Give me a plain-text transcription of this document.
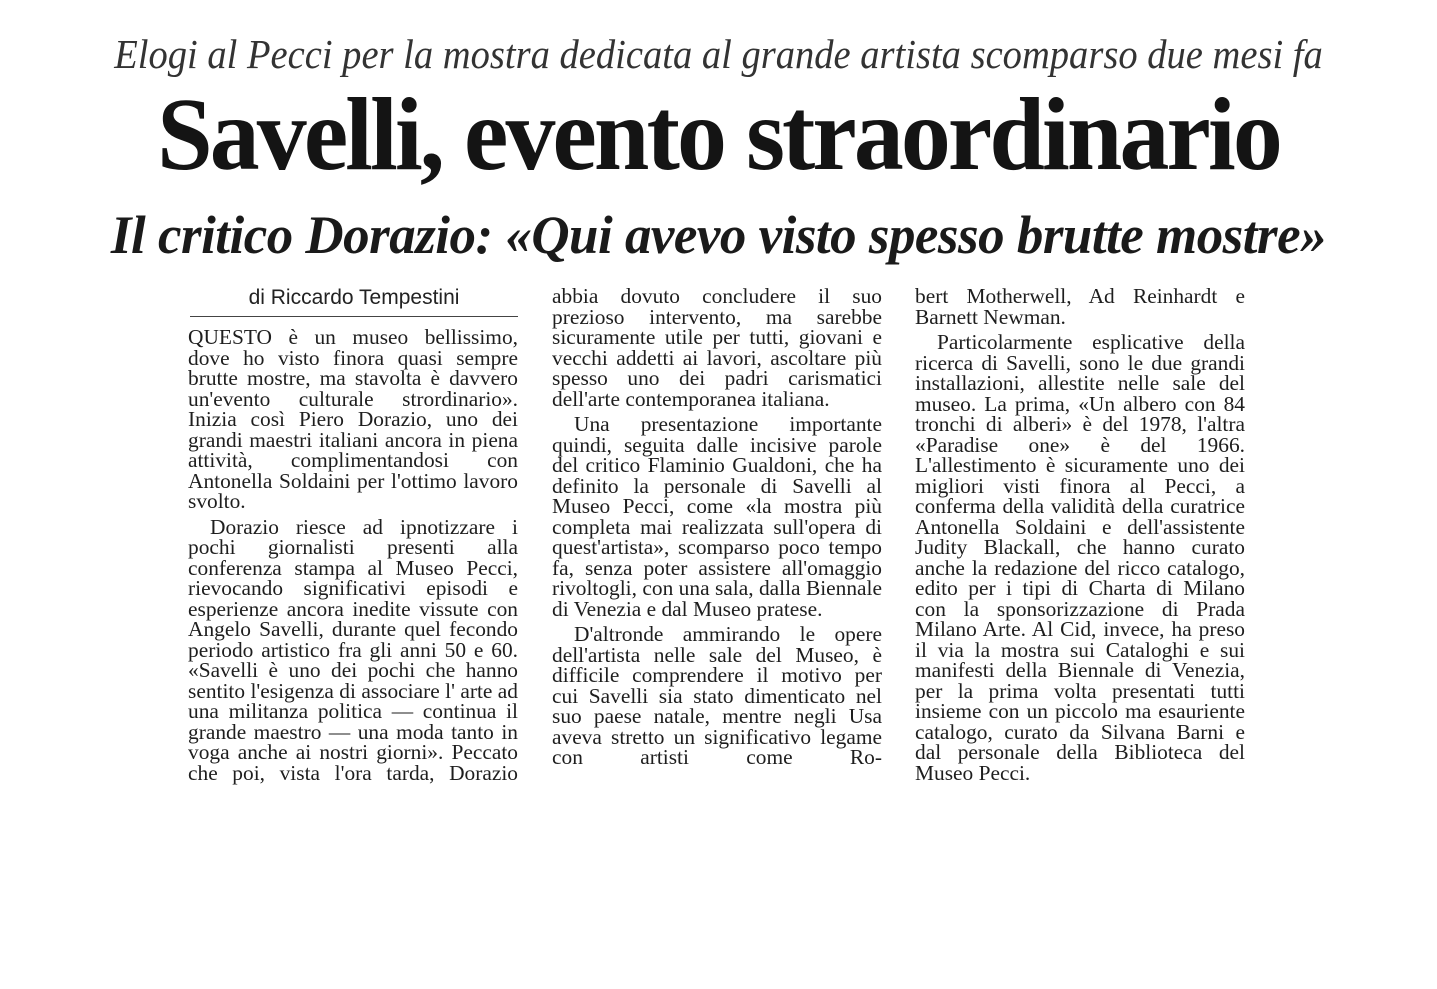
Elogi al Pecci per la mostra dedicata al grande artista scomparso due mesi fa
Savelli, evento straordinario
Il critico Dorazio: «Qui avevo visto spesso brutte mostre»
di Riccardo Tempestini

QUESTO è un museo bellissimo, dove ho visto finora quasi sempre brutte mostre, ma stavolta è davvero un'evento culturale strordinario». Inizia così Piero Dorazio, uno dei grandi maestri italiani ancora in piena attività, complimentandosi con Antonella Soldaini per l'ottimo lavoro svolto.

Dorazio riesce ad ipnotizzare i pochi giornalisti presenti alla conferenza stampa al Museo Pecci, rievocando significativi episodi e esperienze ancora inedite vissute con Angelo Savelli, durante quel fecondo periodo artistico fra gli anni 50 e 60. «Savelli è uno dei pochi che hanno sentito l'esigenza di associare l' arte ad una militanza politica — continua il grande maestro — una moda tanto in voga anche ai nostri giorni». Peccato che poi, vista l'ora tarda, Dorazio

abbia dovuto concludere il suo prezioso intervento, ma sarebbe sicuramente utile per tutti, giovani e vecchi addetti ai lavori, ascoltare più spesso uno dei padri carismatici dell'arte contemporanea italiana.

Una presentazione importante quindi, seguita dalle incisive parole del critico Flaminio Gualdoni, che ha definito la personale di Savelli al Museo Pecci, come «la mostra più completa mai realizzata sull'opera di quest'artista», scomparso poco tempo fa, senza poter assistere all'omaggio rivoltogli, con una sala, dalla Biennale di Venezia e dal Museo pratese.

D'altronde ammirando le opere dell'artista nelle sale del Museo, è difficile comprendere il motivo per cui Savelli sia stato dimenticato nel suo paese natale, mentre negli Usa aveva stretto un significativo legame con artisti come Ro-

bert Motherwell, Ad Reinhardt e Barnett Newman.

Particolarmente esplicative della ricerca di Savelli, sono le due grandi installazioni, allestite nelle sale del museo. La prima, «Un albero con 84 tronchi di alberi» è del 1978, l'altra «Paradise one» è del 1966. L'allestimento è sicuramente uno dei migliori visti finora al Pecci, a conferma della validità della curatrice Antonella Soldaini e dell'assistente Judity Blackall, che hanno curato anche la redazione del ricco catalogo, edito per i tipi di Charta di Milano con la sponsorizzazione di Prada Milano Arte. Al Cid, invece, ha preso il via la mostra sui Cataloghi e sui manifesti della Biennale di Venezia, per la prima volta presentati tutti insieme con un piccolo ma esauriente catalogo, curato da Silvana Barni e dal personale della Biblioteca del Museo Pecci.
